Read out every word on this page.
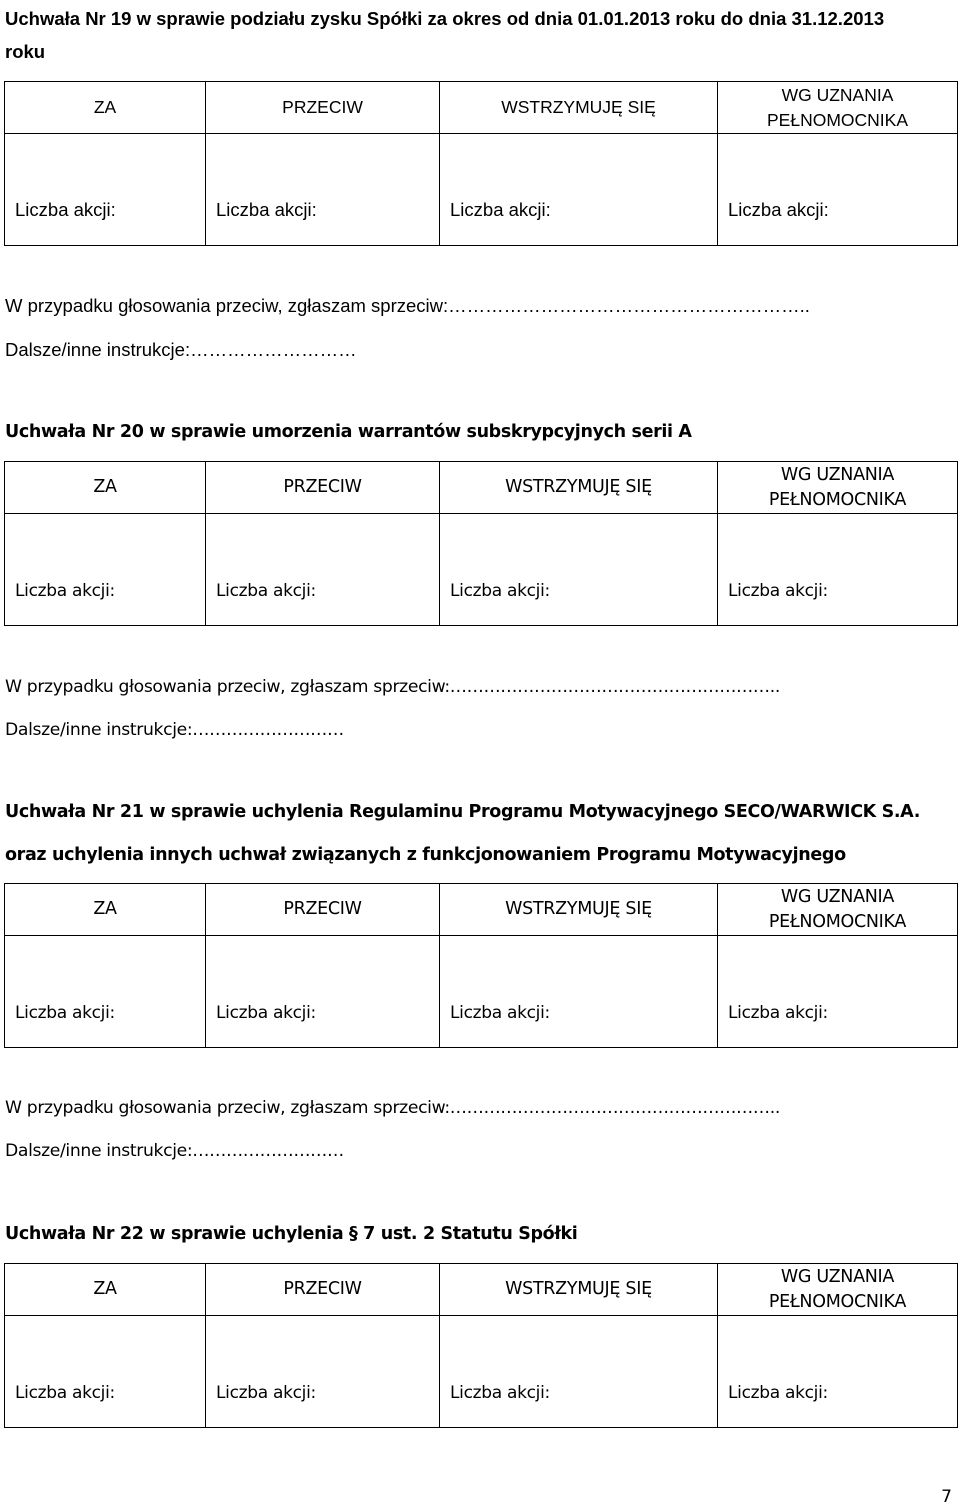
Uchwała Nr 19 w sprawie podziału zysku Spółki za okres od dnia 01.01.2013 roku do dnia 31.12.2013
roku
ZA	PRZECIW	WSTRZYMUJĘ SIĘ	WG UZNANIA
PEŁNOMOCNIKA

Liczba akcji:	Liczba akcji:	Liczba akcji:	Liczba akcji:
W przypadku głosowania przeciw, zgłaszam sprzeciw:…………………………………………………..
Dalsze/inne instrukcje:………………………
Uchwała Nr 20 w sprawie umorzenia warrantów subskrypcyjnych serii A
ZA	PRZECIW	WSTRZYMUJĘ SIĘ	WG UZNANIA
PEŁNOMOCNIKA

Liczba akcji:	Liczba akcji:	Liczba akcji:	Liczba akcji:
W przypadku głosowania przeciw, zgłaszam sprzeciw:…………………………………………………..
Dalsze/inne instrukcje:………………………
Uchwała Nr 21 w sprawie uchylenia Regulaminu Programu Motywacyjnego SECO/WARWICK S.A.
oraz uchylenia innych uchwał związanych z funkcjonowaniem Programu Motywacyjnego
ZA	PRZECIW	WSTRZYMUJĘ SIĘ	WG UZNANIA
PEŁNOMOCNIKA

Liczba akcji:	Liczba akcji:	Liczba akcji:	Liczba akcji:
W przypadku głosowania przeciw, zgłaszam sprzeciw:…………………………………………………..
Dalsze/inne instrukcje:………………………
Uchwała Nr 22 w sprawie uchylenia § 7 ust. 2 Statutu Spółki
ZA	PRZECIW	WSTRZYMUJĘ SIĘ	WG UZNANIA
PEŁNOMOCNIKA

Liczba akcji:	Liczba akcji:	Liczba akcji:	Liczba akcji:
7
